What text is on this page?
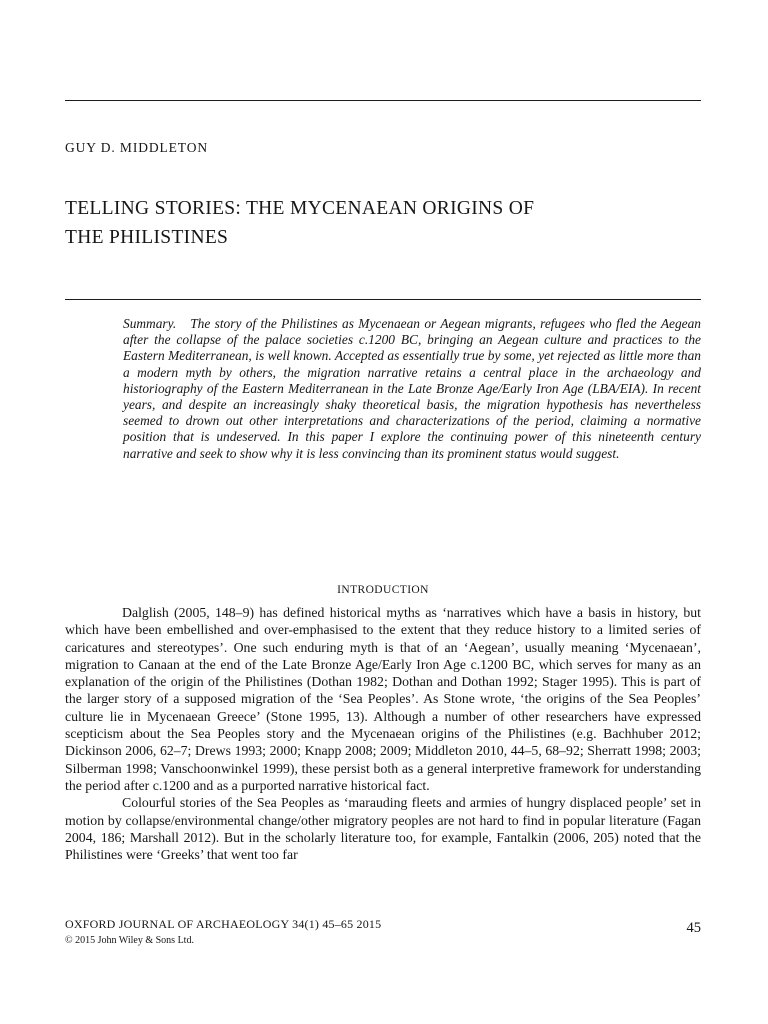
GUY D. MIDDLETON
TELLING STORIES: THE MYCENAEAN ORIGINS OF
THE PHILISTINES

Summary. The story of the Philistines as Mycenaean or Aegean migrants, refugees who fled the Aegean after the collapse of the palace societies c.1200 BC, bringing an Aegean culture and practices to the Eastern Mediterranean, is well known. Accepted as essentially true by some, yet rejected as little more than a modern myth by others, the migration narrative retains a central place in the archaeology and historiography of the Eastern Mediterranean in the Late Bronze Age/Early Iron Age (LBA/EIA). In recent years, and despite an increasingly shaky theoretical basis, the migration hypothesis has nevertheless seemed to drown out other interpretations and characterizations of the period, claiming a normative position that is undeserved. In this paper I explore the continuing power of this nineteenth century narrative and seek to show why it is less convincing than its prominent status would suggest.

INTRODUCTION

Dalglish (2005, 148–9) has defined historical myths as ‘narratives which have a basis in history, but which have been embellished and over-emphasised to the extent that they reduce history to a limited series of caricatures and stereotypes’. One such enduring myth is that of an ‘Aegean’, usually meaning ‘Mycenaean’, migration to Canaan at the end of the Late Bronze Age/Early Iron Age c.1200 BC, which serves for many as an explanation of the origin of the Philistines (Dothan 1982; Dothan and Dothan 1992; Stager 1995). This is part of the larger story of a supposed migration of the ‘Sea Peoples’. As Stone wrote, ‘the origins of the Sea Peoples’ culture lie in Mycenaean Greece’ (Stone 1995, 13). Although a number of other researchers have expressed scepticism about the Sea Peoples story and the Mycenaean origins of the Philistines (e.g. Bachhuber 2012; Dickinson 2006, 62–7; Drews 1993; 2000; Knapp 2008; 2009; Middleton 2010, 44–5, 68–92; Sherratt 1998; 2003; Silberman 1998; Vanschoonwinkel 1999), these persist both as a general interpretive framework for understanding the period after c.1200 and as a purported narrative historical fact.

Colourful stories of the Sea Peoples as ‘marauding fleets and armies of hungry displaced people’ set in motion by collapse/environmental change/other migratory peoples are not hard to find in popular literature (Fagan 2004, 186; Marshall 2012). But in the scholarly literature too, for example, Fantalkin (2006, 205) noted that the Philistines were ‘Greeks’ that went too far

OXFORD JOURNAL OF ARCHAEOLOGY 34(1) 45–65 2015
© 2015 John Wiley & Sons Ltd.
45
